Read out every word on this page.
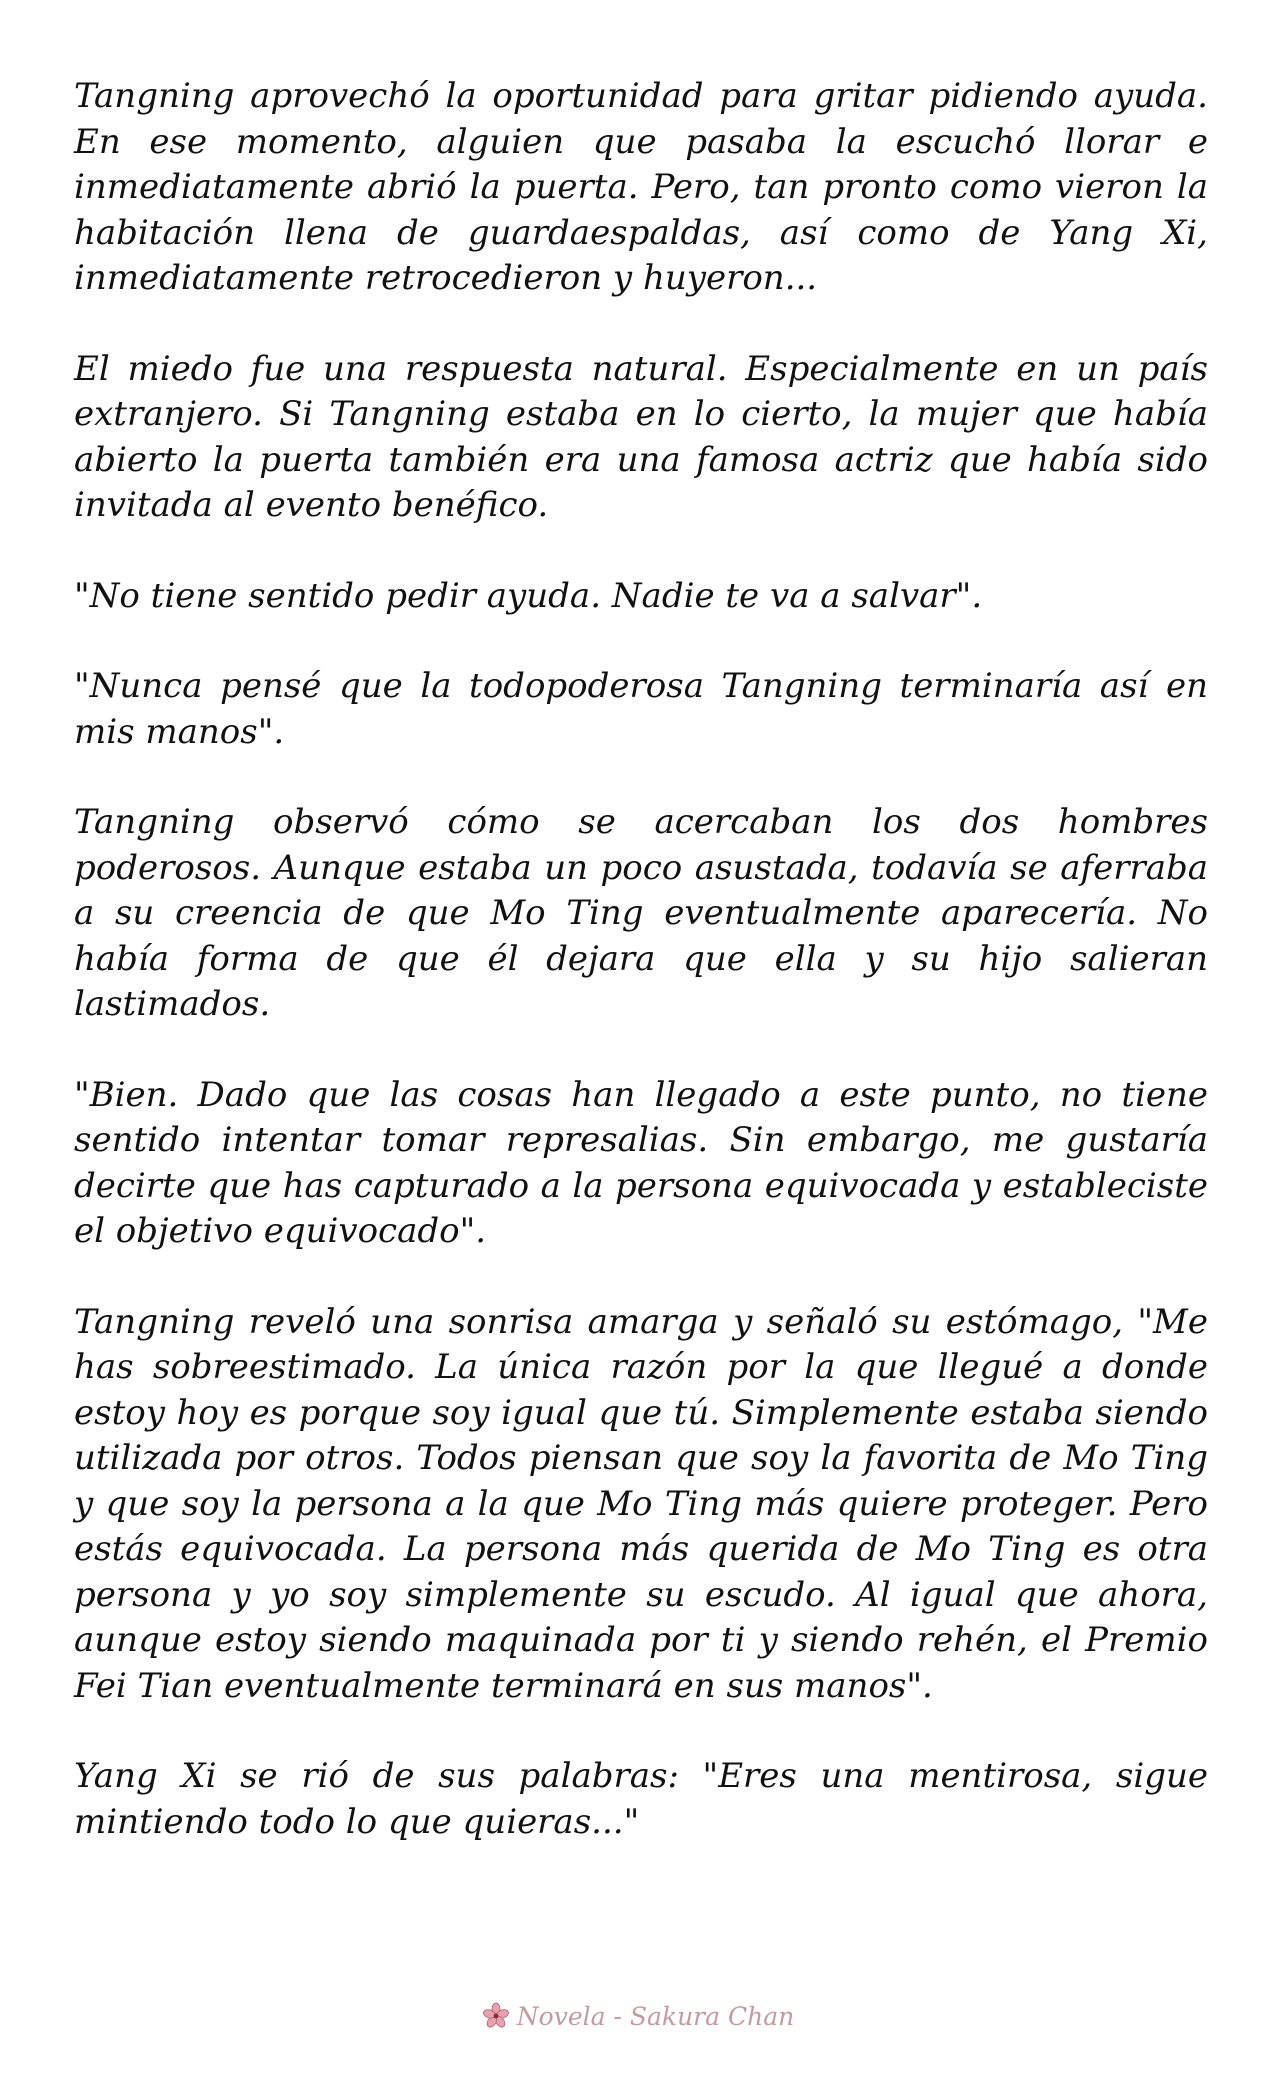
Tangning aprovechó la oportunidad para gritar pidiendo ayuda. En ese momento, alguien que pasaba la escuchó llorar e inmediatamente abrió la puerta. Pero, tan pronto como vieron la habitación llena de guardaespaldas, así como de Yang Xi, inmediatamente retrocedieron y huyeron...

El miedo fue una respuesta natural. Especialmente en un país extranjero. Si Tangning estaba en lo cierto, la mujer que había abierto la puerta también era una famosa actriz que había sido invitada al evento benéfico.

"No tiene sentido pedir ayuda. Nadie te va a salvar".

"Nunca pensé que la todopoderosa Tangning terminaría así en mis manos".

Tangning observó cómo se acercaban los dos hombres poderosos. Aunque estaba un poco asustada, todavía se aferraba a su creencia de que Mo Ting eventualmente aparecería. No había forma de que él dejara que ella y su hijo salieran lastimados.

"Bien. Dado que las cosas han llegado a este punto, no tiene sentido intentar tomar represalias. Sin embargo, me gustaría decirte que has capturado a la persona equivocada y estableciste el objetivo equivocado".

Tangning reveló una sonrisa amarga y señaló su estómago, "Me has sobreestimado. La única razón por la que llegué a donde estoy hoy es porque soy igual que tú. Simplemente estaba siendo utilizada por otros. Todos piensan que soy la favorita de Mo Ting y que soy la persona a la que Mo Ting más quiere proteger. Pero estás equivocada. La persona más querida de Mo Ting es otra persona y yo soy simplemente su escudo. Al igual que ahora, aunque estoy siendo maquinada por ti y siendo rehén, el Premio Fei Tian eventualmente terminará en sus manos".

Yang Xi se rió de sus palabras: "Eres una mentirosa, sigue mintiendo todo lo que quieras..."

Novela - Sakura Chan
